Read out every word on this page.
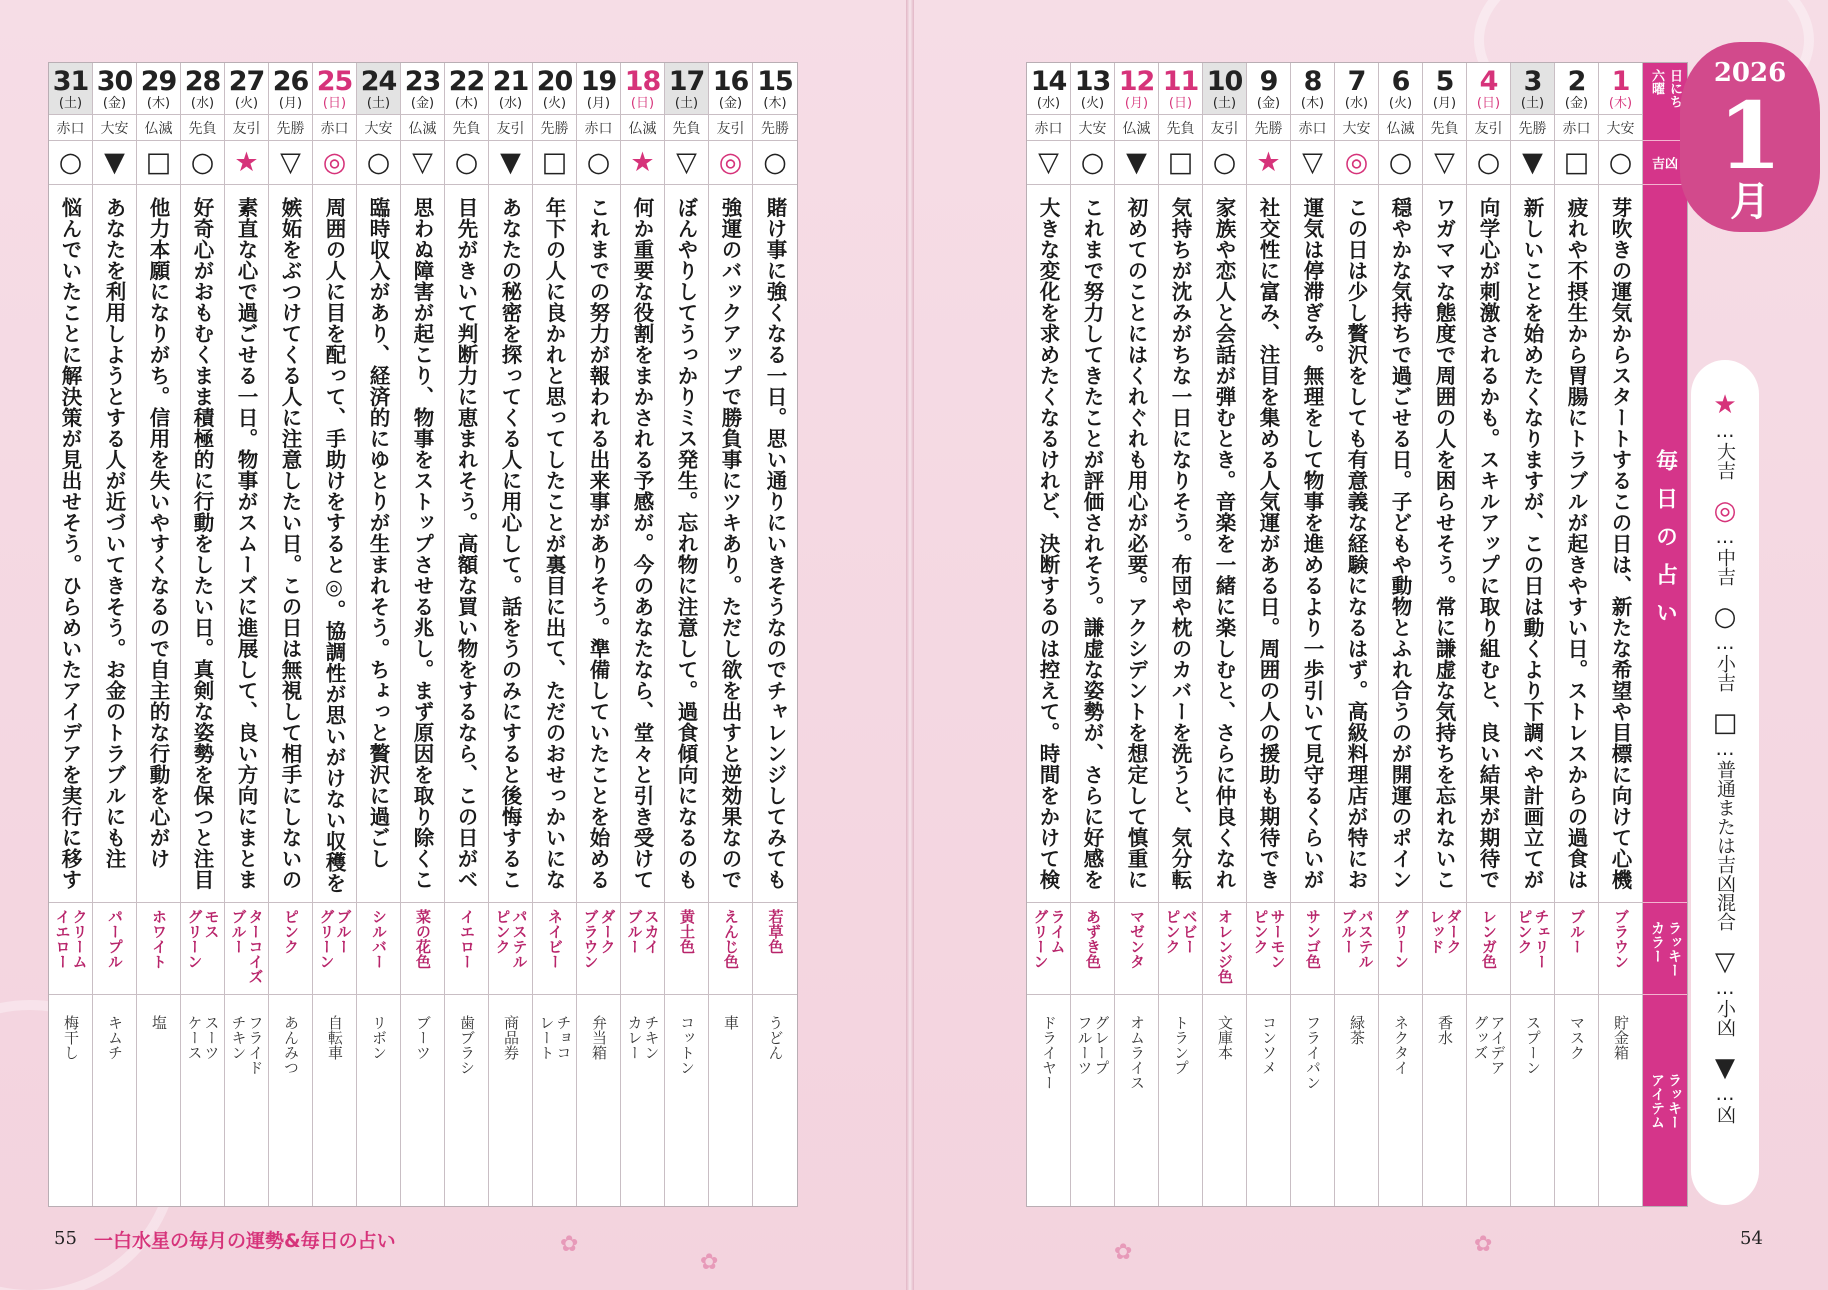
31
(土)
赤口
○
悩んでいたことに解決策が見出せそう。ひらめいたアイデアを実行に移す
クリーム
イエロー
梅干し
30
(金)
大安
▼
あなたを利用しようとする人が近づいてきそう。お金のトラブルにも注
パープル
キムチ
29
(木)
仏滅
□
他力本願になりがち。信用を失いやすくなるので自主的な行動を心がけ
ホワイト
塩
28
(水)
先負
○
好奇心がおもむくまま積極的に行動をしたい日。真剣な姿勢を保つと注目
モス
グリーン
スーツ
ケース
27
(火)
友引
★
素直な心で過ごせる一日。物事がスムーズに進展して、良い方向にまとま
ターコイズ
ブルー
フライド
チキン
26
(月)
先勝
▽
嫉妬をぶつけてくる人に注意したい日。この日は無視して相手にしないの
ピンク
あんみつ
25
(日)
赤口
◎
周囲の人に目を配って、手助けをすると◎。協調性が思いがけない収穫を
ブルー
グリーン
自転車
24
(土)
大安
○
臨時収入があり、経済的にゆとりが生まれそう。ちょっと贅沢に過ごし
シルバー
リボン
23
(金)
仏滅
▽
思わぬ障害が起こり、物事をストップさせる兆し。まず原因を取り除くこ
菜の花色
ブーツ
22
(木)
先負
○
目先がきいて判断力に恵まれそう。高額な買い物をするなら、この日がベ
イエロー
歯ブラシ
21
(水)
友引
▼
あなたの秘密を探ってくる人に用心して。話をうのみにすると後悔するこ
パステル
ピンク
商品券
20
(火)
先勝
□
年下の人に良かれと思ってしたことが裏目に出て、ただのおせっかいにな
ネイビー
チョコ
レート
19
(月)
赤口
○
これまでの努力が報われる出来事がありそう。準備していたことを始める
ダーク
ブラウン
弁当箱
18
(日)
仏滅
★
何か重要な役割をまかされる予感が。今のあなたなら、堂々と引き受けて
スカイ
ブルー
チキン
カレー
17
(土)
先負
▽
ぼんやりしてうっかりミス発生。忘れ物に注意して。過食傾向になるのも
黄土色
コットン
16
(金)
友引
◎
強運のバックアップで勝負事にツキあり。ただし欲を出すと逆効果なので
えんじ色
車
15
(木)
先勝
○
賭け事に強くなる一日。思い通りにいきそうなのでチャレンジしてみても
若草色
うどん
55 一白水星の毎月の運勢&毎日の占い	✿
✿
14
(水)
赤口
▽
大きな変化を求めたくなるけれど、決断するのは控えて。時間をかけて検
ライム
グリーン
ドライヤー
13
(火)
大安
○
これまで努力してきたことが評価されそう。謙虚な姿勢が、さらに好感を
あずき色
グレープ
フルーツ
12
(月)
仏滅
▼
初めてのことにはくれぐれも用心が必要。アクシデントを想定して慎重に
マゼンタ
オムライス
11
(日)
先負
□
気持ちが沈みがちな一日になりそう。布団や枕のカバーを洗うと、気分転
ベビー
ピンク
トランプ
10
(土)
友引
○
家族や恋人と会話が弾むとき。音楽を一緒に楽しむと、さらに仲良くなれ
オレンジ色
文庫本
9
(金)
先勝
★
社交性に富み、注目を集める人気運がある日。周囲の人の援助も期待でき
サーモン
ピンク
コンソメ
8
(木)
赤口
▽
運気は停滞ぎみ。無理をして物事を進めるより一歩引いて見守るくらいが
サンゴ色
フライパン
7
(水)
大安
◎
この日は少し贅沢をしても有意義な経験になるはず。高級料理店が特にお
パステル
ブルー
緑茶
6
(火)
仏滅
○
穏やかな気持ちで過ごせる日。子どもや動物とふれ合うのが開運のポイン
グリーン
ネクタイ
5
(月)
先負
▽
ワガママな態度で周囲の人を困らせそう。常に謙虚な気持ちを忘れないこ
ダーク
レッド
香水
4
(日)
友引
○
向学心が刺激されるかも。スキルアップに取り組むと、良い結果が期待で
レンガ色
アイデア
グッズ
3
(土)
先勝
▼
新しいことを始めたくなりますが、この日は動くより下調べや計画立てが
チェリー
ピンク
スプーン
2
(金)
赤口
□
疲れや不摂生から胃腸にトラブルが起きやすい日。ストレスからの過食は
ブルー
マスク
1
(木)
大安
○
芽吹きの運気からスタートするこの日は、新たな希望や目標に向けて心機
ブラウン
貯金箱
日にち 六曜
吉凶
毎日の占い
ラッキー
カラー
ラッキー
アイテム
54
✿	✿
2026
1
月
★
…大吉
◎
…中吉
○
…小吉
□
…普通または吉凶混合
▽
…小凶
▼
…凶
